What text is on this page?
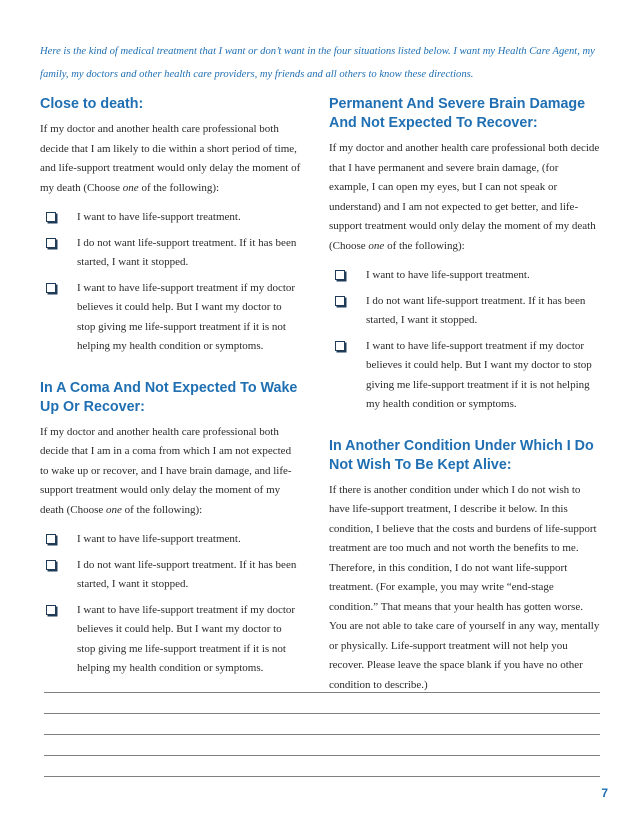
Here is the kind of medical treatment that I want or don’t want in the four situations listed below. I want my Health Care Agent, my family, my doctors and other health care providers, my friends and all others to know these directions.

Close to death:

If my doctor and another health care professional both decide that I am likely to die within a short period of time, and life-support treatment would only delay the moment of my death (Choose one of the following):

I want to have life-support treatment.
I do not want life-support treatment. If it has been started, I want it stopped.
I want to have life-support treatment if my doctor believes it could help. But I want my doctor to stop giving me life-support treatment if it is not helping my health condition or symptoms.
In A Coma And Not Expected To Wake Up Or Recover:

If my doctor and another health care professional both decide that I am in a coma from which I am not expected to wake up or recover, and I have brain damage, and life-support treatment would only delay the moment of my death (Choose one of the following):

I want to have life-support treatment.
I do not want life-support treatment. If it has been started, I want it stopped.
I want to have life-support treatment if my doctor believes it could help. But I want my doctor to stop giving me life-support treatment if it is not helping my health condition or symptoms.
Permanent And Severe Brain Damage And Not Expected To Recover:

If my doctor and another health care professional both decide that I have permanent and severe brain damage, (for example, I can open my eyes, but I can not speak or understand) and I am not expected to get better, and life-support treatment would only delay the moment of my death (Choose one of the following):

I want to have life-support treatment.
I do not want life-support treatment. If it has been started, I want it stopped.
I want to have life-support treatment if my doctor believes it could help. But I want my doctor to stop giving me life-support treatment if it is not helping my health condition or symptoms.
In Another Condition Under Which I Do Not Wish To Be Kept Alive:

If there is another condition under which I do not wish to have life-support treatment, I describe it below. In this condition, I believe that the costs and burdens of life-support treatment are too much and not worth the benefits to me. Therefore, in this condition, I do not want life-support treatment. (For example, you may write “end-stage condition.” That means that your health has gotten worse. You are not able to take care of yourself in any way, mentally or physically. Life-support treatment will not help you recover. Please leave the space blank if you have no other condition to describe.)

7
